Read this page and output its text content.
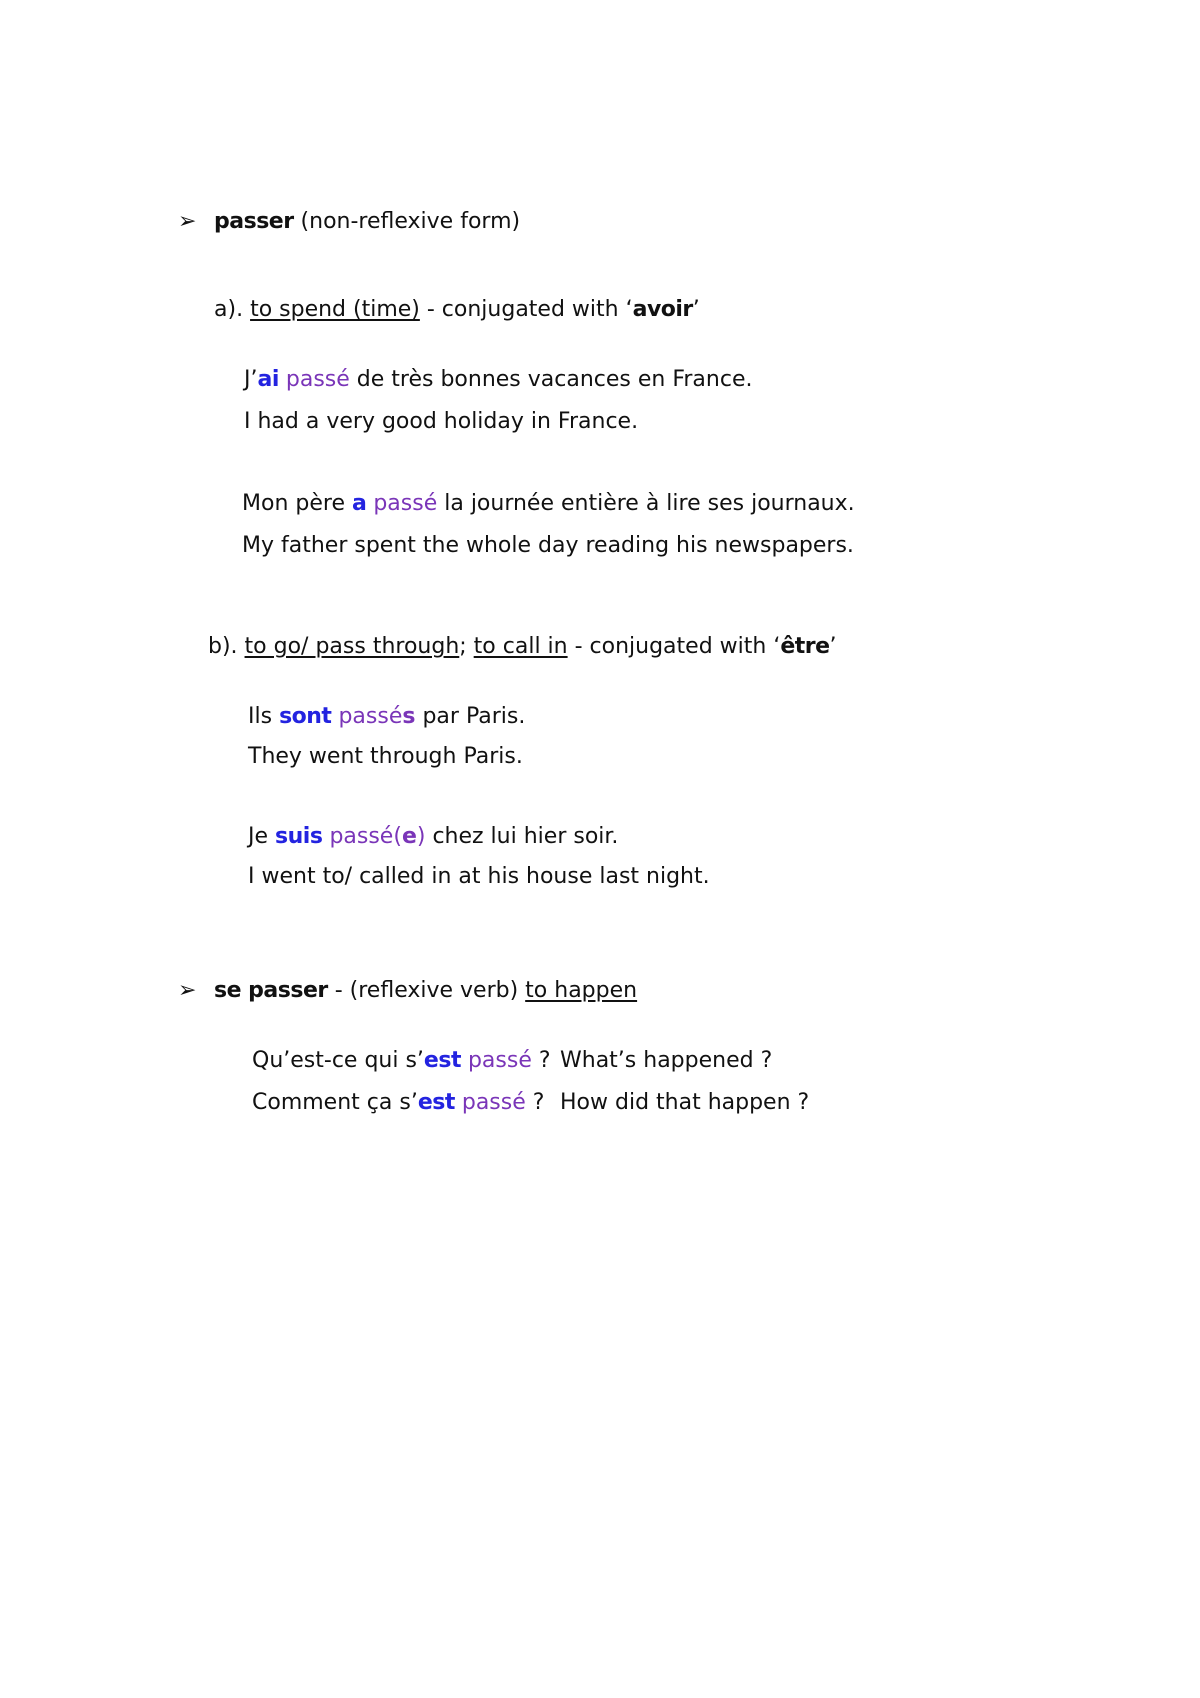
➢ passer (non-reflexive form)
a). to spend (time) - conjugated with ‘avoir’
J’ai passé de très bonnes vacances en France.
I had a very good holiday in France.
Mon père a passé la journée entière à lire ses journaux.
My father spent the whole day reading his newspapers.
b). to go/ pass through; to call in - conjugated with ‘être’
Ils sont passés par Paris.
They went through Paris.
Je suis passé(e) chez lui hier soir.
I went to/ called in at his house last night.
➢ se passer - (reflexive verb) to happen
Qu’est-ce qui s’est passé ? What’s happened ?
Comment ça s’est passé ? How did that happen ?
